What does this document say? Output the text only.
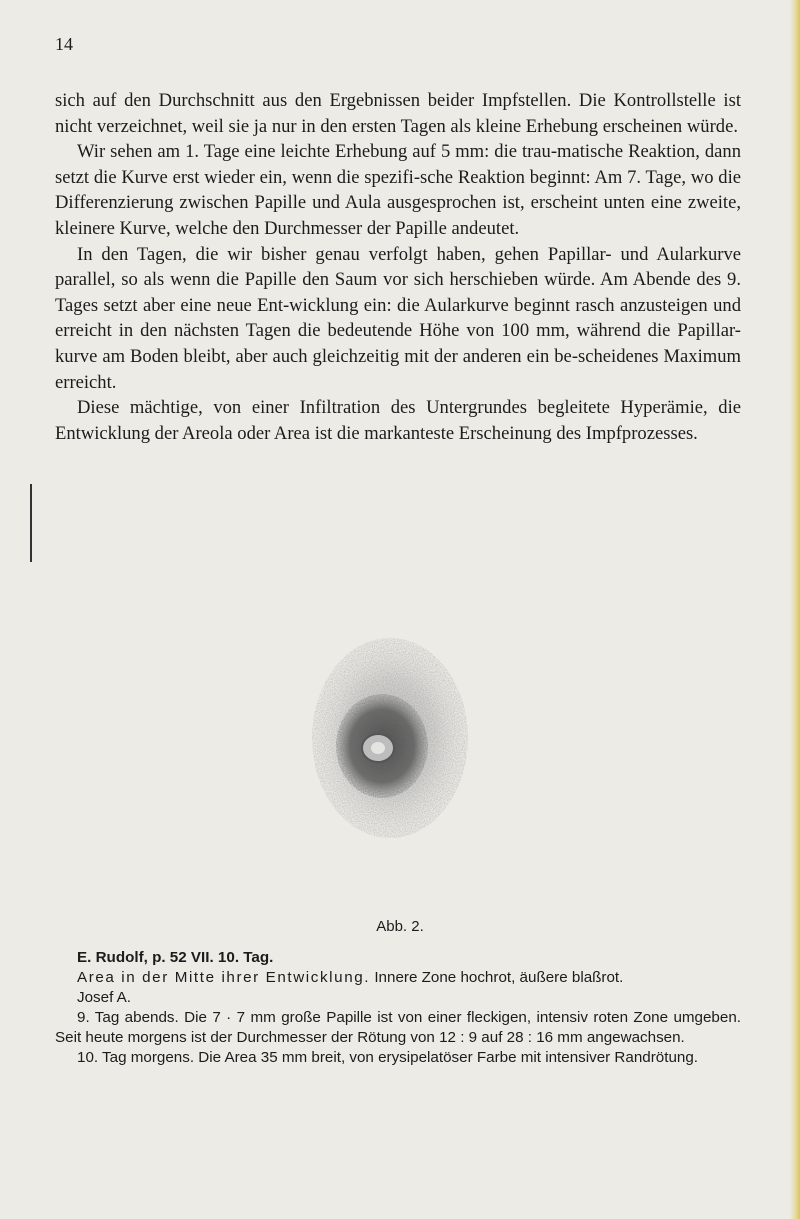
14

sich auf den Durchschnitt aus den Ergebnissen beider Impfstellen. Die Kontrollstelle ist nicht verzeichnet, weil sie ja nur in den ersten Tagen als kleine Erhebung erscheinen würde.

Wir sehen am 1. Tage eine leichte Erhebung auf 5 mm: die trau-matische Reaktion, dann setzt die Kurve erst wieder ein, wenn die spezifi-sche Reaktion beginnt: Am 7. Tage, wo die Differenzierung zwischen Papille und Aula ausgesprochen ist, erscheint unten eine zweite, kleinere Kurve, welche den Durchmesser der Papille andeutet.

In den Tagen, die wir bisher genau verfolgt haben, gehen Papillar- und Aularkurve parallel, so als wenn die Papille den Saum vor sich herschieben würde. Am Abende des 9. Tages setzt aber eine neue Ent-wicklung ein: die Aularkurve beginnt rasch anzusteigen und erreicht in den nächsten Tagen die bedeutende Höhe von 100 mm, während die Papillar-kurve am Boden bleibt, aber auch gleichzeitig mit der anderen ein be-scheidenes Maximum erreicht.

Diese mächtige, von einer Infiltration des Untergrundes begleitete Hyperämie, die Entwicklung der Areola oder Area ist die markanteste Erscheinung des Impfprozesses.

Abb. 2.

E. Rudolf, p. 52 VII. 10. Tag.

Area in der Mitte ihrer Entwicklung. Innere Zone hochrot, äußere blaßrot.

Josef A.

9. Tag abends. Die 7 · 7 mm große Papille ist von einer fleckigen, intensiv roten Zone umgeben. Seit heute morgens ist der Durchmesser der Rötung von 12 : 9 auf 28 : 16 mm angewachsen.

10. Tag morgens. Die Area 35 mm breit, von erysipelatöser Farbe mit intensiver Randrötung.
